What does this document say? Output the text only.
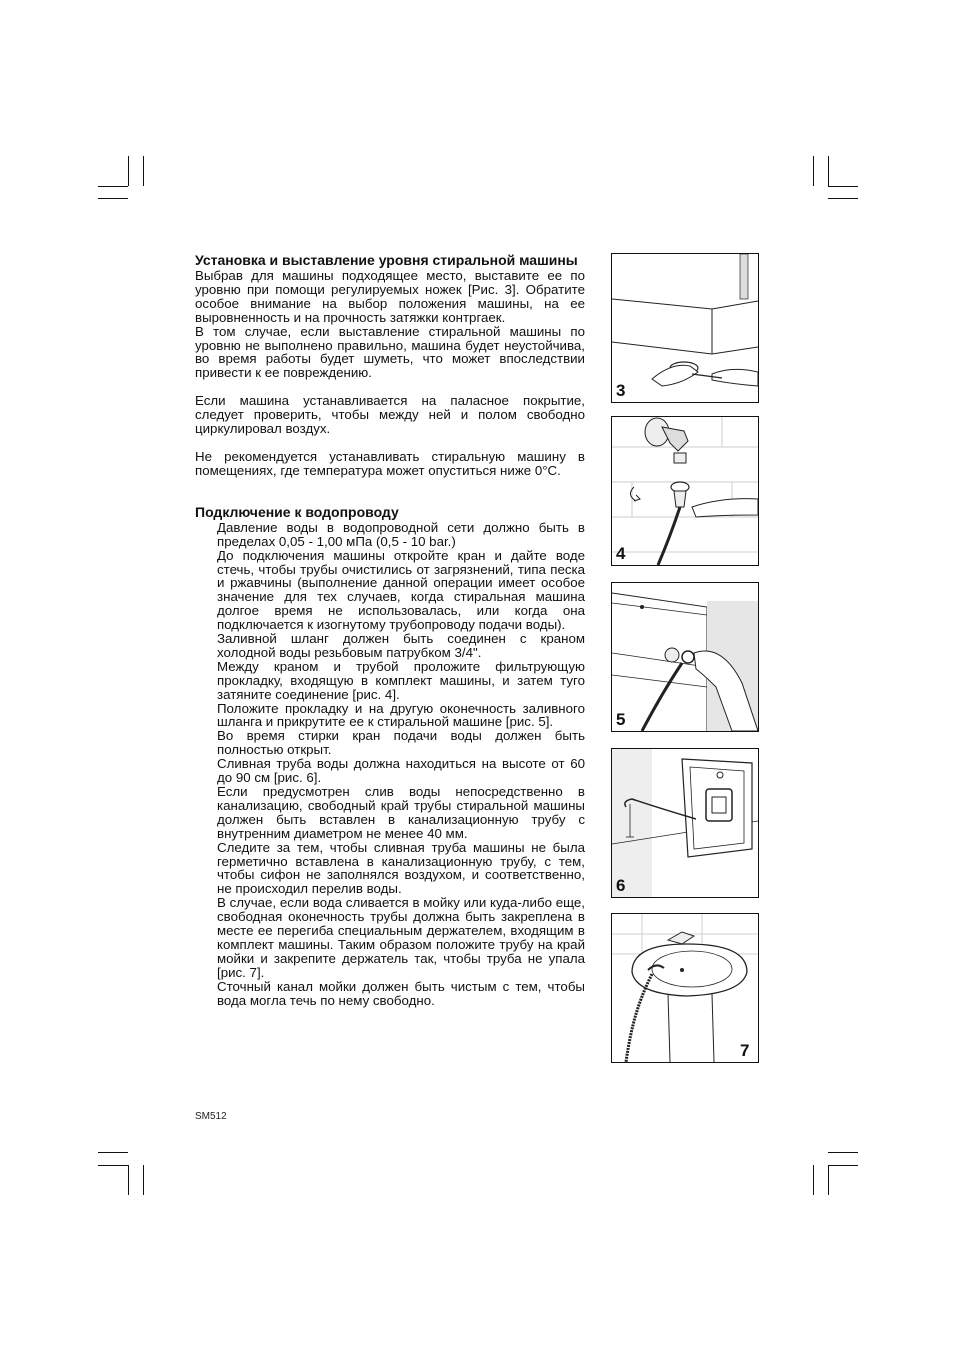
Установка и выставление уровня стиральной машины

Выбрав для машины подходящее место, выставите ее по уровню при помощи регулируемых ножек [Рис. 3]. Обратите особое внимание на выбор положения машины, на ее выровненность и на прочность затяжки контргаек.

В том случае, если выставление стиральной машины по уровню не выполнено правильно, машина будет неустойчива, во время работы будет шуметь, что может впоследствии привести к ее повреждению.

Если машина устанавливается на паласное покрытие, следует проверить, чтобы между ней и полом свободно циркулировал воздух.

Не рекомендуется устанавливать стиральную машину в помещениях, где температура может опуститься ниже 0°С.

Подключение к водопроводу

Давление воды в водопроводной сети должно быть в пределах 0,05 - 1,00 мПа (0,5 - 10 bar.)

До подключения машины откройте кран и дайте воде стечь, чтобы трубы очистились от загрязнений, типа песка и ржавчины (выполнение данной операции имеет особое значение для тех случаев, когда стиральная машина долгое время не использовалась, или когда она подключается к изогнутому трубопроводу подачи воды).

Заливной шланг должен быть соединен с краном холодной воды резьбовым патрубком 3/4".

Между краном и трубой проложите фильтрующую прокладку, входящую в комплект машины, и затем туго затяните соединение [рис. 4].

Положите прокладку и на другую оконечность заливного шланга и прикрутите ее к стиральной машине [рис. 5].

Во время стирки кран подачи воды должен быть полностью открыт.

Сливная труба воды должна находиться на высоте от 60 до 90 см [рис. 6].

Если предусмотрен слив воды непосредственно в канализацию, свободный край трубы стиральной машины должен быть вставлен в канализационную трубу с внутренним диаметром не менее 40 мм.

Следите за тем, чтобы сливная труба машины не была герметично вставлена в канализационную трубу, с тем, чтобы сифон не заполнялся воздухом, и соответственно, не происходил перелив воды.

В случае, если вода сливается в мойку или куда-либо еще, свободная оконечность трубы должна быть закреплена в месте ее перегиба специальным держателем, входящим в комплект машины. Таким образом положите трубу на край мойки и закрепите держатель так, чтобы труба не упала [рис. 7].

Сточный канал мойки должен быть чистым с тем, чтобы вода могла течь по нему свободно.

SM512
3
4
5
6
7
